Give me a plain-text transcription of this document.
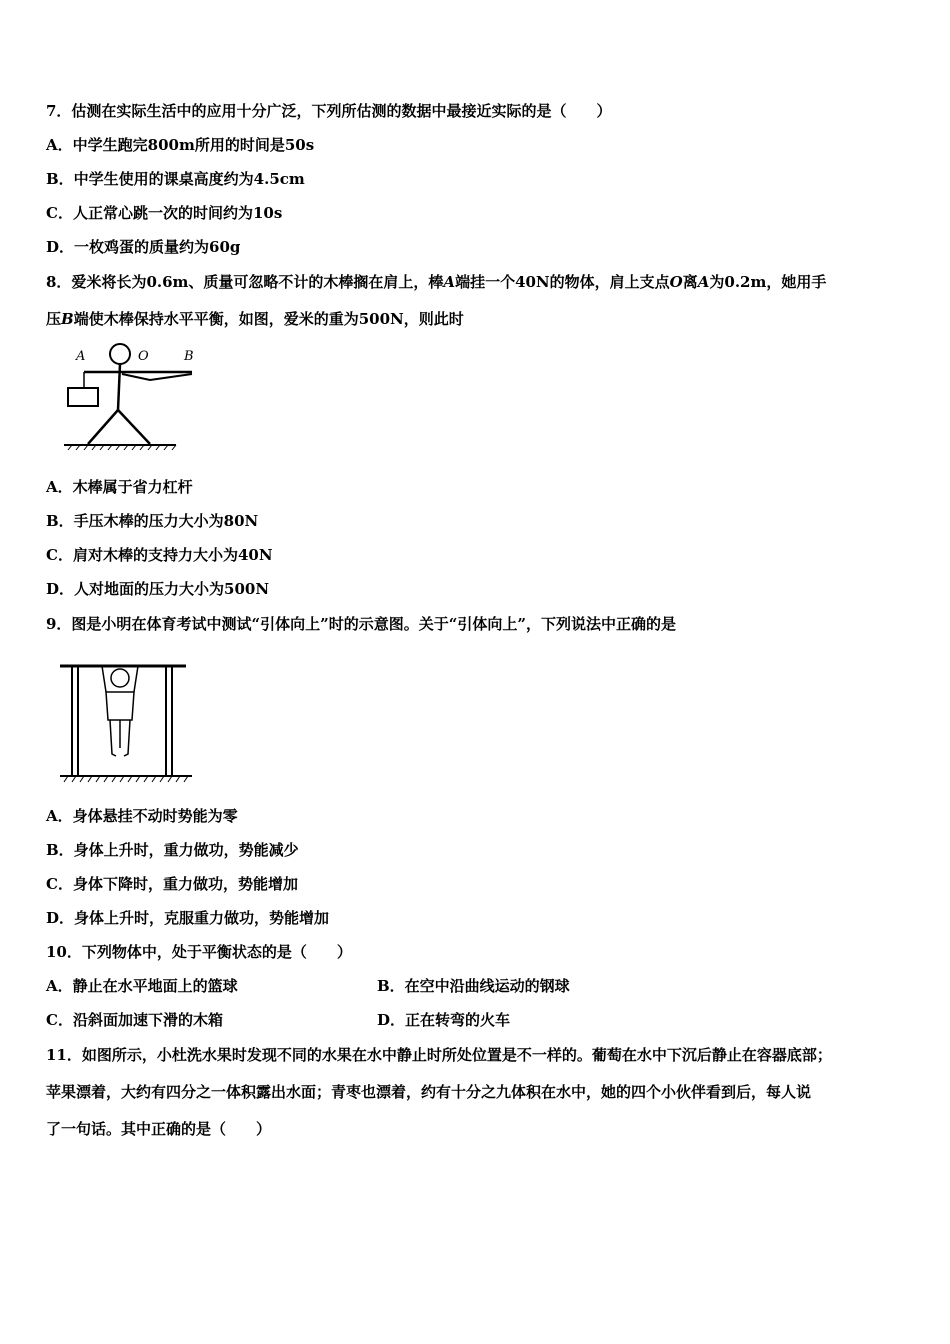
7．估测在实际生活中的应用十分广泛，下列所估测的数据中最接近实际的是（　　）
A．中学生跑完800m所用的时间是50s
B．中学生使用的课桌高度约为4.5cm
C．人正常心跳一次的时间约为10s
D．一枚鸡蛋的质量约为60g
8．爱米将长为0.6m、质量可忽略不计的木棒搁在肩上，棒A端挂一个40N的物体，肩上支点O离A为0.2m，她用手
压B端使木棒保持水平平衡，如图，爱米的重为500N，则此时
A	O	B
A．木棒属于省力杠杆
B．手压木棒的压力大小为80N
C．肩对木棒的支持力大小为40N
D．人对地面的压力大小为500N
9．图是小明在体育考试中测试“引体向上”时的示意图。关于“引体向上”，下列说法中正确的是
A．身体悬挂不动时势能为零
B．身体上升时，重力做功，势能减少
C．身体下降时，重力做功，势能增加
D．身体上升时，克服重力做功，势能增加
10．下列物体中，处于平衡状态的是（　　）
A．静止在水平地面上的篮球	B．在空中沿曲线运动的钢球
C．沿斜面加速下滑的木箱	D．正在转弯的火车
11．如图所示，小杜洗水果时发现不同的水果在水中静止时所处位置是不一样的。葡萄在水中下沉后静止在容器底部；
苹果漂着，大约有四分之一体积露出水面；青枣也漂着，约有十分之九体积在水中，她的四个小伙伴看到后，每人说
了一句话。其中正确的是（　　）
